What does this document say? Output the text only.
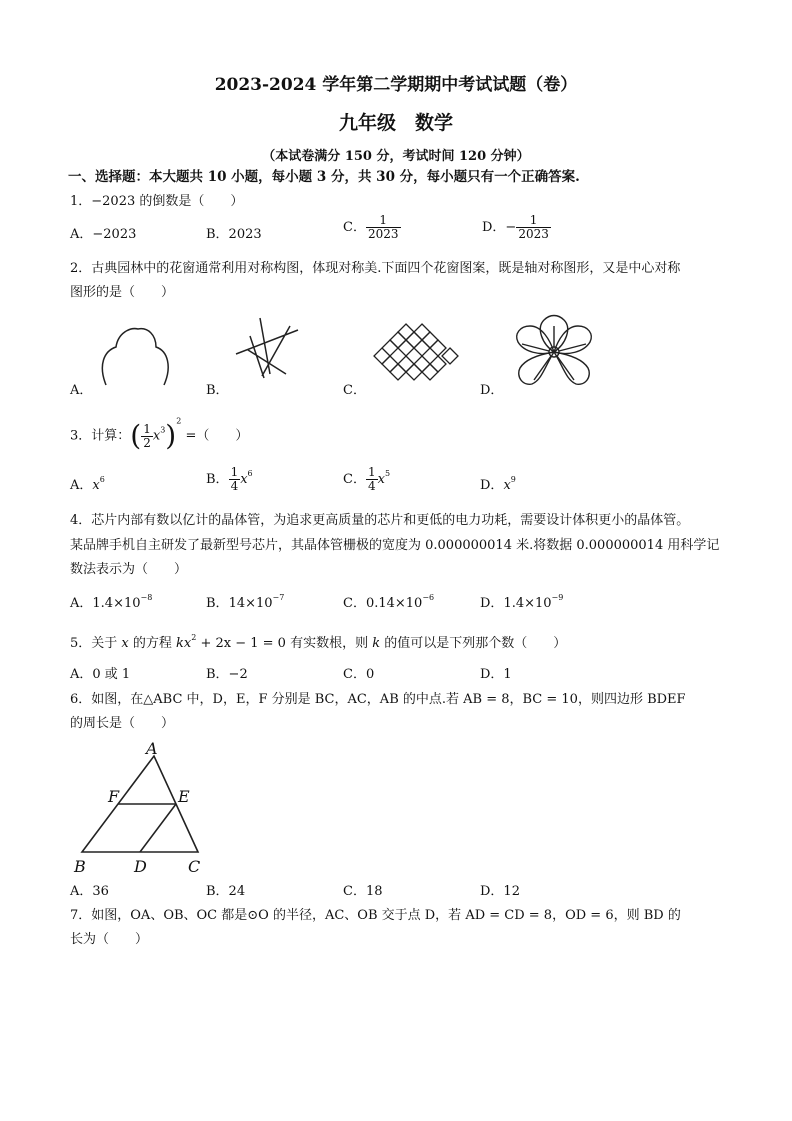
2023-2024 学年第二学期期中考试试题（卷）
九年级　数学
（本试卷满分 150 分，考试时间 120 分钟）
一、选择题：本大题共 10 小题，每小题 3 分，共 30 分，每小题只有一个正确答案.
1．−2023 的倒数是（　　）
A．−2023	B．2023	C． $\frac{1}{2023}$	D．− $\frac{1}{2023}$
2．古典园林中的花窗通常利用对称构图，体现对称美.下面四个花窗图案，既是轴对称图形，又是中心对称
图形的是（　　）
A．	B．	C．	D．
3．计算：( $\frac{1}{2} x^3)^2$ =（　　）
A．$x^6$	B． $\frac{1}{4} x^6$	C． $\frac{1}{4} x^5$
D．$x^9$
4．芯片内部有数以亿计的晶体管，为追求更高质量的芯片和更低的电力功耗，需要设计体积更小的晶体管。
某品牌手机自主研发了最新型号芯片，其晶体管栅极的宽度为 0.000000014 米.将数据 0.000000014 用科学记
数法表示为（　　）
A．$1.4\times 10^{-8}$	B．$14\times 10^{-7}$	C．$0.14\times 10^{-6}$	D．$1.4\times 10^{-9}$
5．关于 x 的方程 $kx^2 + 2x - 1 = 0$ 有实数根，则 k 的值可以是下列那个数（　　）
A．0 或 1	B．−2	C．0	D．1
6．如图，在△ABC 中，D，E，F 分别是 BC，AC，AB 的中点.若 AB = 8，BC = 10，则四边形 BDEF
的周长是（　　）
A
F	E
B	D	C
A．36	B．24	C．18	D．12
7．如图，OA、OB、OC 都是⊙O 的半径，AC、OB 交于点 D，若 AD = CD = 8，OD = 6，则 BD 的
长为（　　）
